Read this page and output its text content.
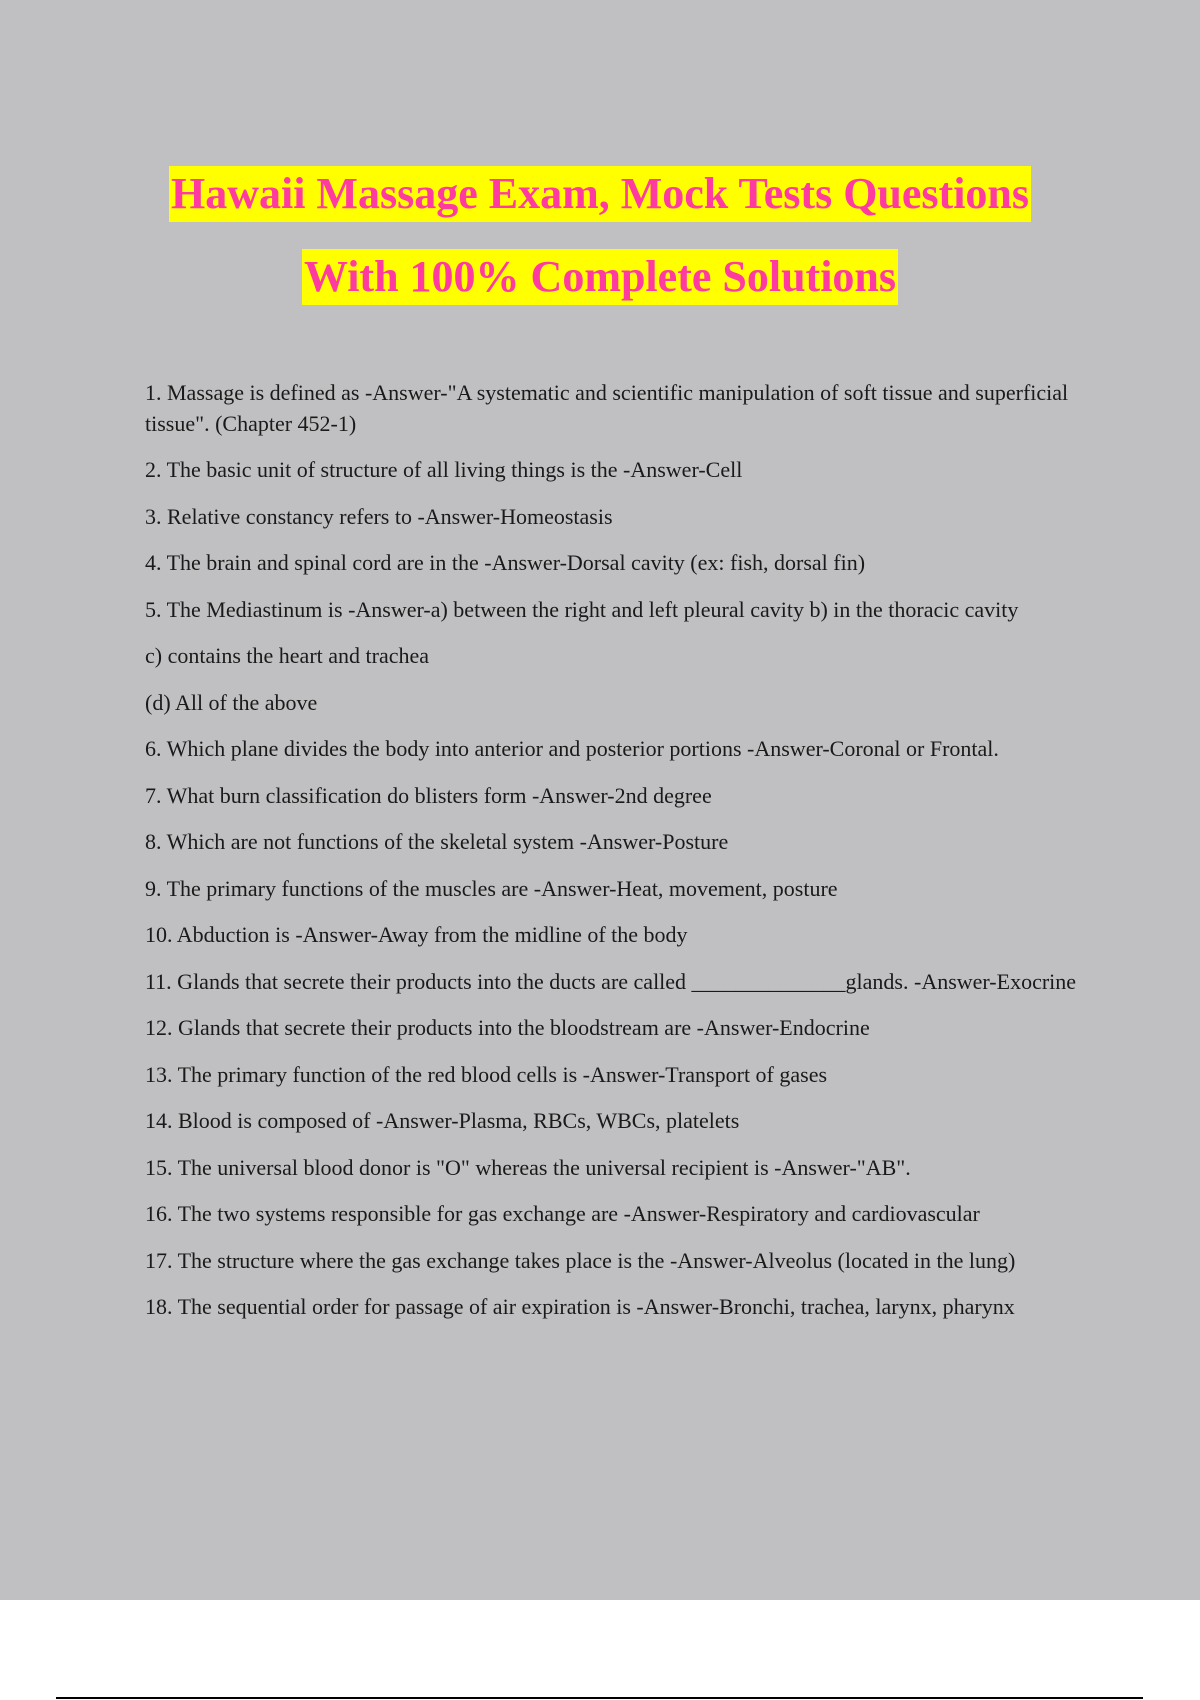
Hawaii Massage Exam, Mock Tests Questions
With 100% Complete Solutions

1. Massage is defined as -Answer-"A systematic and scientific manipulation of soft tissue and superficial tissue". (Chapter 452-1)

2. The basic unit of structure of all living things is the -Answer-Cell

3. Relative constancy refers to -Answer-Homeostasis

4. The brain and spinal cord are in the -Answer-Dorsal cavity (ex: fish, dorsal fin)

5. The Mediastinum is -Answer-a) between the right and left pleural cavity b) in the thoracic cavity

c) contains the heart and trachea

(d) All of the above

6. Which plane divides the body into anterior and posterior portions -Answer-Coronal or Frontal.

7. What burn classification do blisters form -Answer-2nd degree

8. Which are not functions of the skeletal system -Answer-Posture

9. The primary functions of the muscles are -Answer-Heat, movement, posture

10. Abduction is -Answer-Away from the midline of the body

11. Glands that secrete their products into the ducts are called ______________glands. -Answer-Exocrine

12. Glands that secrete their products into the bloodstream are -Answer-Endocrine

13. The primary function of the red blood cells is -Answer-Transport of gases

14. Blood is composed of -Answer-Plasma, RBCs, WBCs, platelets

15. The universal blood donor is "O" whereas the universal recipient is -Answer-"AB".

16. The two systems responsible for gas exchange are -Answer-Respiratory and cardiovascular

17. The structure where the gas exchange takes place is the -Answer-Alveolus (located in the lung)

18. The sequential order for passage of air expiration is -Answer-Bronchi, trachea, larynx, pharynx
